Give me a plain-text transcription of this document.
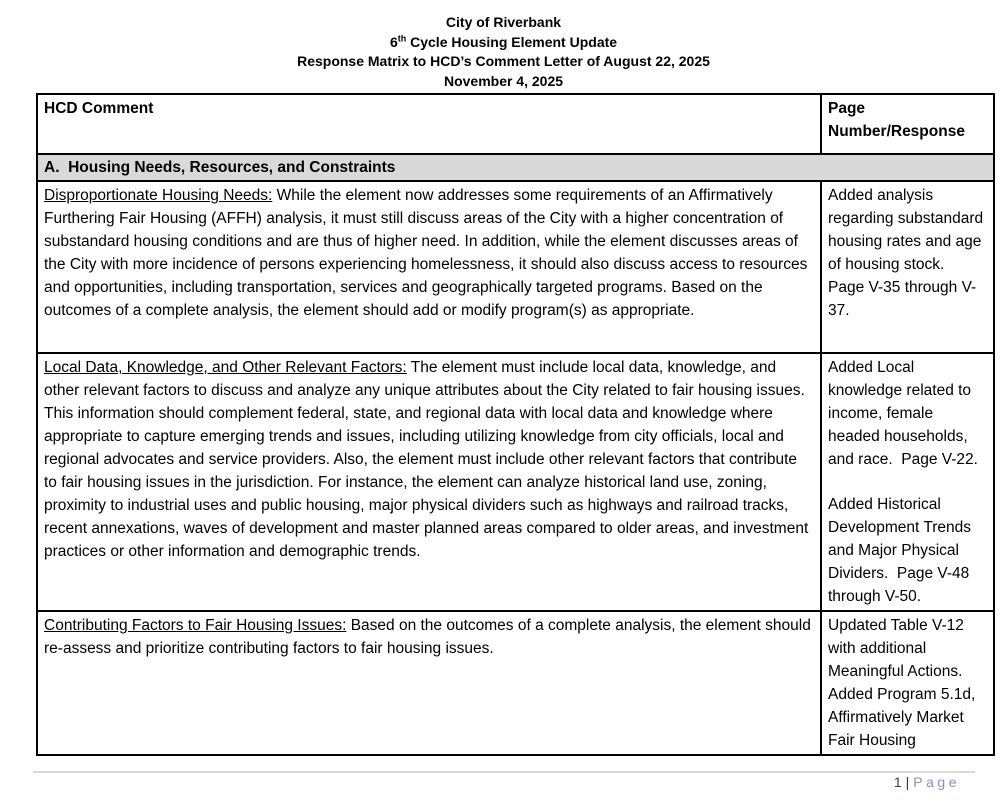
City of Riverbank
6th Cycle Housing Element Update
Response Matrix to HCD’s Comment Letter of August 22, 2025
November 4, 2025
HCD Comment	Page Number/Response
A.  Housing Needs, Resources, and Constraints	
Disproportionate Housing Needs: While the element now addresses some requirements of an Affirmatively Furthering Fair Housing (AFFH) analysis, it must still discuss areas of the City with a higher concentration of substandard housing conditions and are thus of higher need. In addition, while the element discusses areas of the City with more incidence of persons experiencing homelessness, it should also discuss access to resources and opportunities, including transportation, services and geographically targeted programs. Based on the outcomes of a complete analysis, the element should add or modify program(s) as appropriate.	Added analysis regarding substandard housing rates and age of housing stock.  Page V-35 through V-37.

Local Data, Knowledge, and Other Relevant Factors: The element must include local data, knowledge, and other relevant factors to discuss and analyze any unique attributes about the City related to fair housing issues. This information should complement federal, state, and regional data with local data and knowledge where appropriate to capture emerging trends and issues, including utilizing knowledge from city officials, local and regional advocates and service providers. Also, the element must include other relevant factors that contribute to fair housing issues in the jurisdiction. For instance, the element can analyze historical land use, zoning, proximity to industrial uses and public housing, major physical dividers such as highways and railroad tracks, recent annexations, waves of development and master planned areas compared to older areas, and investment practices or other information and demographic trends.	Added Local knowledge related to income, female headed households, and race.  Page V-22.
Added Historical Development Trends and Major Physical Dividers.  Page V-48 through V-50.

Contributing Factors to Fair Housing Issues: Based on the outcomes of a complete analysis, the element should re-assess and prioritize contributing factors to fair housing issues.	Updated Table V-12 with additional Meaningful Actions. Added Program 5.1d, Affirmatively Market Fair Housing
1 | Page
